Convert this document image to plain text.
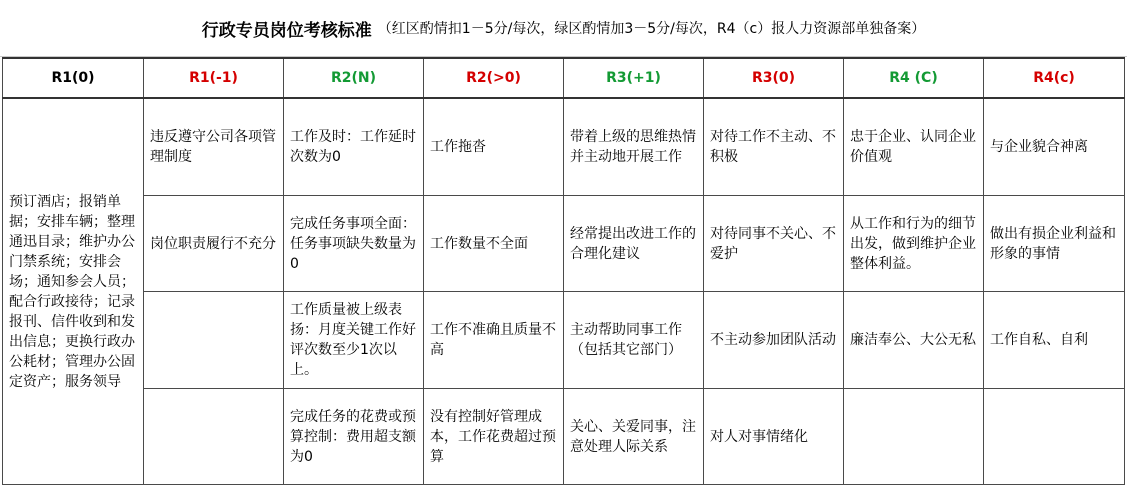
行政专员岗位考核标准 （红区酌情扣1－5分/每次，绿区酌情加3－5分/每次，R4（c）报人力资源部单独备案）
R1(0)	R1(-1)	R2(N)	R2(>0)	R3(+1)	R3(0)	R4 (C)	R4(c)
预订酒店；报销单据；安排车辆；整理通迅目录；维护办公门禁系统；安排会场；通知参会人员；配合行政接待；记录报刊、信件收到和发出信息；更换行政办公耗材；管理办公固定资产；服务领导	违反遵守公司各项管理制度	工作及时：工作延时次数为0	工作拖沓	带着上级的思维热情并主动地开展工作	对待工作不主动、不积极	忠于企业、认同企业价值观	与企业貌合神离
	岗位职责履行不充分	完成任务事项全面：任务事项缺失数量为0	工作数量不全面	经常提出改进工作的合理化建议	对待同事不关心、不爱护	从工作和行为的细节出发，做到维护企业整体利益。	做出有损企业利益和形象的事情
		工作质量被上级表扬：月度关键工作好评次数至少1次以上。	工作不准确且质量不高	主动帮助同事工作（包括其它部门）	不主动参加团队活动	廉洁奉公、大公无私	工作自私、自利
		完成任务的花费或预算控制：费用超支额为0	没有控制好管理成本，工作花费超过预算	关心、关爱同事，注意处理人际关系	对人对事情绪化		
